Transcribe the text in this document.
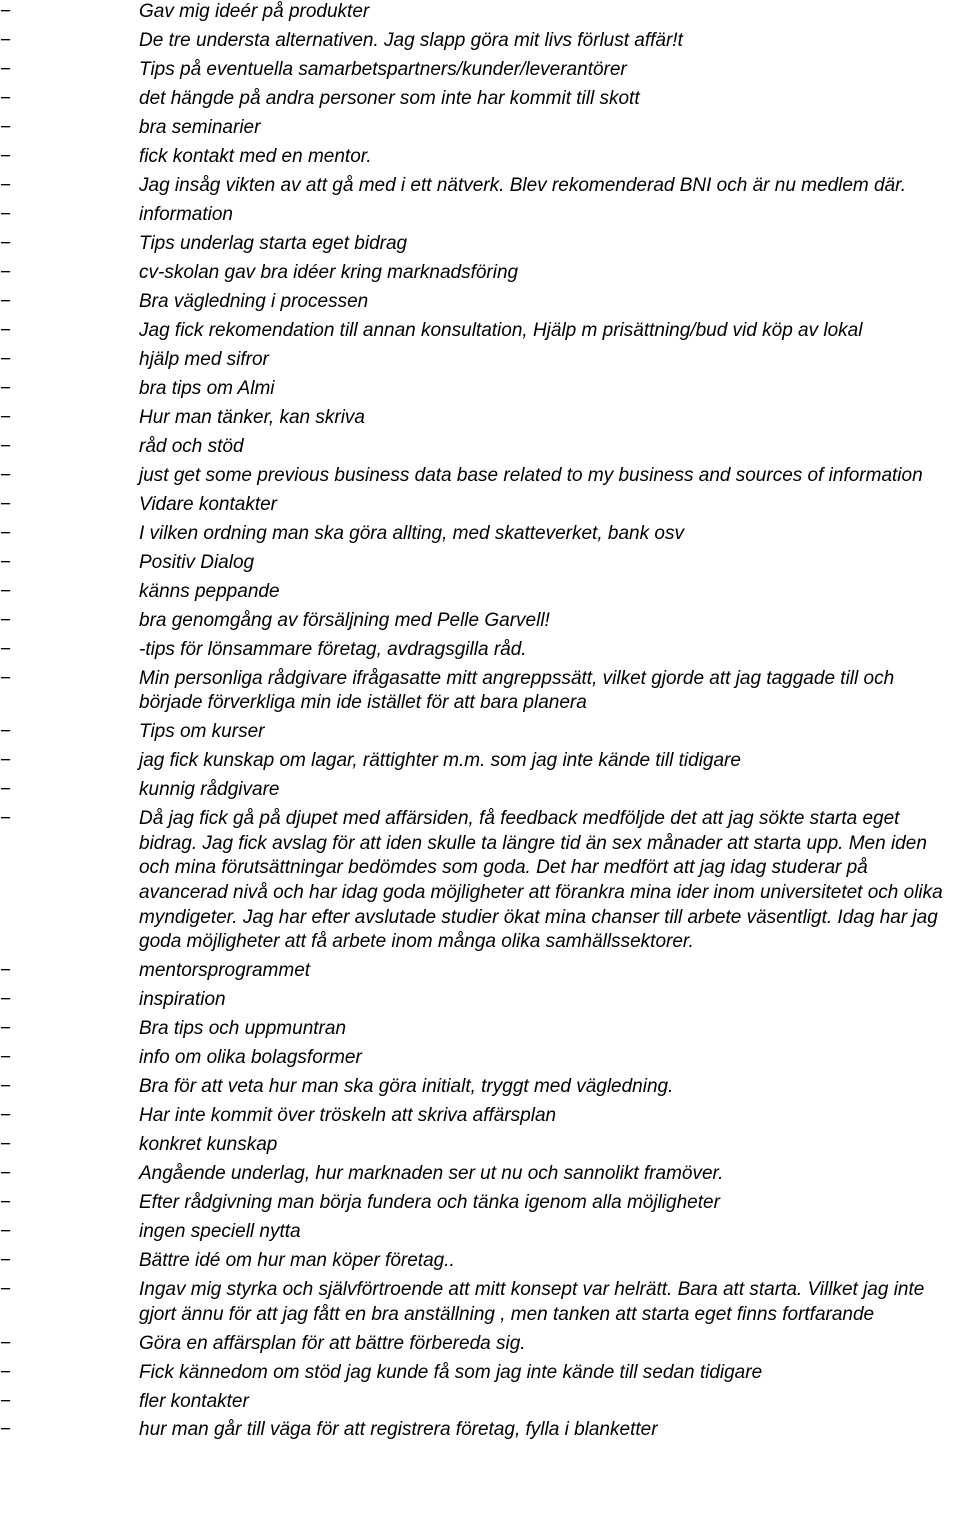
−	Gav mig ideér på produkter
−	De tre understa alternativen. Jag slapp göra mit livs förlust affär!t
−	Tips på eventuella samarbetspartners/kunder/leverantörer
−	det hängde på andra personer som inte har kommit till skott
−	bra seminarier
−	fick kontakt med en mentor.
−	Jag insåg vikten av att gå med i ett nätverk. Blev rekomenderad BNI och är nu medlem där.
−	information
−	Tips underlag starta eget bidrag
−	cv-skolan gav bra idéer kring marknadsföring
−	Bra vägledning i processen
−	Jag fick rekomendation till annan konsultation, Hjälp m prisättning/bud vid köp av lokal
−	hjälp med sifror
−	bra tips om Almi
−	Hur man tänker, kan skriva
−	råd och stöd
−	just get some previous business data base related to my business and sources of information
−	Vidare kontakter
−	I vilken ordning man ska göra allting, med skatteverket, bank osv
−	Positiv Dialog
−	känns peppande
−	bra genomgång av försäljning med Pelle Garvell!
−	-tips för lönsammare företag, avdragsgilla råd.
−	Min personliga rådgivare ifrågasatte mitt angreppssätt, vilket gjorde att jag taggade till och började förverkliga min ide istället för att bara planera
−	Tips om kurser
−	jag fick kunskap om lagar, rättighter m.m. som jag inte kände till tidigare
−	kunnig rådgivare
−	Då jag fick gå på djupet med affärsiden, få feedback medföljde det att jag sökte starta eget bidrag. Jag fick avslag för att iden skulle ta längre tid än sex månader att starta upp. Men iden och mina förutsättningar bedömdes som goda. Det har medfört att jag idag studerar på avancerad nivå och har idag goda möjligheter att förankra mina ider inom universitetet och olika myndigeter. Jag har efter avslutade studier ökat mina chanser till arbete väsentligt. Idag har jag goda möjligheter att få arbete inom många olika samhällssektorer.
−	mentorsprogrammet
−	inspiration
−	Bra tips och uppmuntran
−	info om olika bolagsformer
−	Bra för att veta hur man ska göra initialt, tryggt med vägledning.
−	Har inte kommit över tröskeln att skriva affärsplan
−	konkret kunskap
−	Angående underlag, hur marknaden ser ut nu och sannolikt framöver.
−	Efter rådgivning man börja fundera och tänka igenom alla möjligheter
−	ingen speciell nytta
−	Bättre idé om hur man köper företag..
−	Ingav mig styrka och självförtroende att mitt konsept var helrätt. Bara att starta. Villket jag inte gjort ännu för att jag fått en bra anställning , men tanken att starta eget finns fortfarande
−	Göra en affärsplan för att bättre förbereda sig.
−	Fick kännedom om stöd jag kunde få som jag inte kände till sedan tidigare
−	fler kontakter
−	hur man går till väga för att registrera företag, fylla i blanketter
